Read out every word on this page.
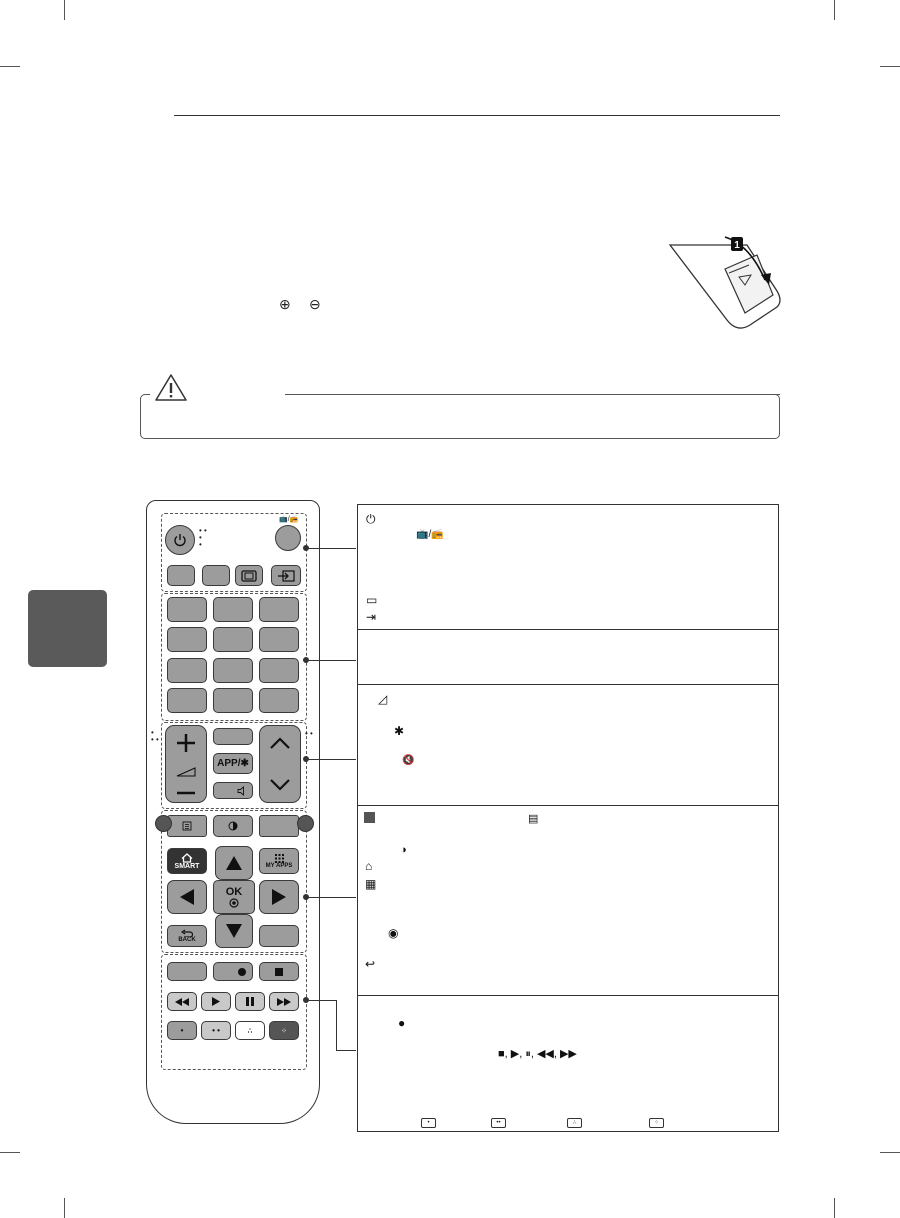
⊕ ⊖
1
• •
•
•
📺/📻
•
• •
• •
APP/✱
SMART	MY APPS
OK
BACK
•	• •	∴	⁘
⏻
📺/📻
▭
⇥
◿
✱
🔇
▤
◑
⌂
▦
◉
↩
●
■, ▶, ⏸, ◀◀, ▶▶
•	••	∴	⁘
